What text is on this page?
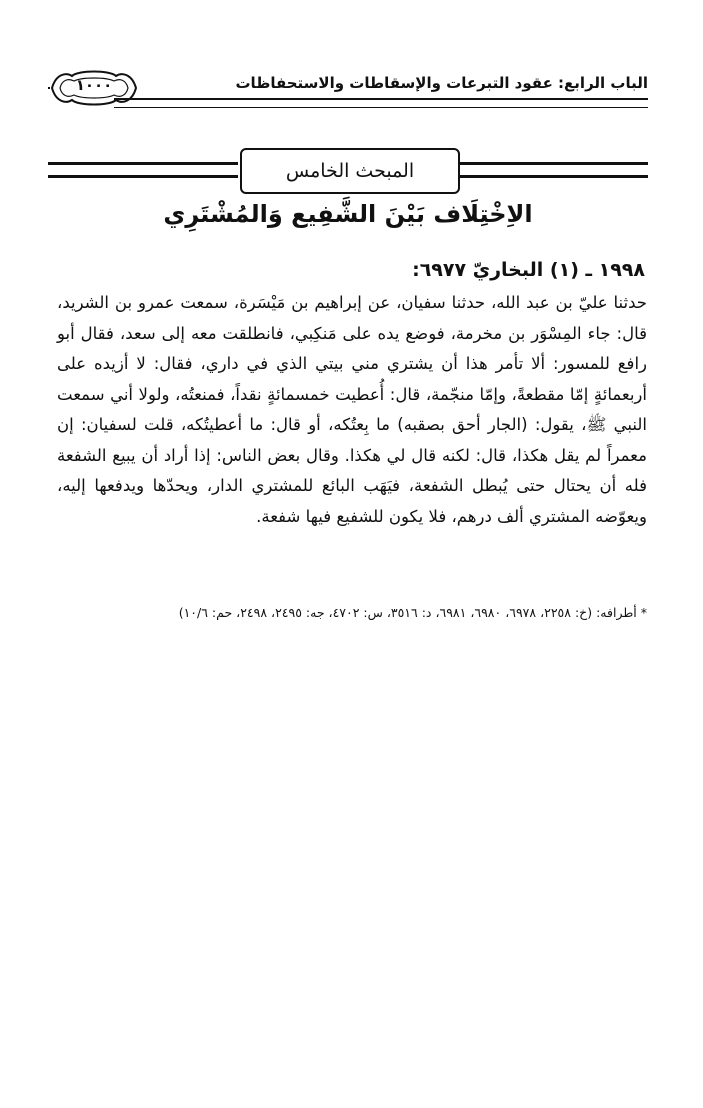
الباب الرابع: عقود التبرعات والإسقاطات والاستحفاظات
١٠٠٠
المبحث الخامس
الاِخْتِلَاف بَيْنَ الشَّفِيع وَالمُشْتَرِي
١٩٩٨ ـ (١) البخاريّ ٦٩٧٧:

حدثنا عليّ بن عبد الله، حدثنا سفيان، عن إبراهيم بن مَيْسَرة، سمعت عمرو بن الشريد، قال: جاء المِسْوَر بن مخرمة، فوضع يده على مَنكِبي، فانطلقت معه إلى سعد، فقال أبو رافع للمسور: ألا تأمر هذا أن يشتري مني بيتي الذي في داري، فقال: لا أزيده على أربعمائةٍ إمّا مقطعةً، وإمّا منجّمة، قال: أُعطيت خمسمائةٍ نقداً، فمنعتُه، ولولا أني سمعت النبي ﷺ، يقول: (الجار أحق بصقبه) ما بِعتُكه، أو قال: ما أعطيتُكه، قلت لسفيان: إن معمراً لم يقل هكذا، قال: لكنه قال لي هكذا. وقال بعض الناس: إذا أراد أن يبيع الشفعة فله أن يحتال حتى يُبطل الشفعة، فيَهَب البائع للمشتري الدار، ويحدّها ويدفعها إليه، ويعوّضه المشتري ألف درهم، فلا يكون للشفيع فيها شفعة.

* أطرافه: (خ: ٢٢٥٨، ٦٩٧٨، ٦٩٨٠، ٦٩٨١، د: ٣٥١٦، س: ٤٧٠٢، جه: ٢٤٩٥، ٢٤٩٨، حم: ١٠/٦)
